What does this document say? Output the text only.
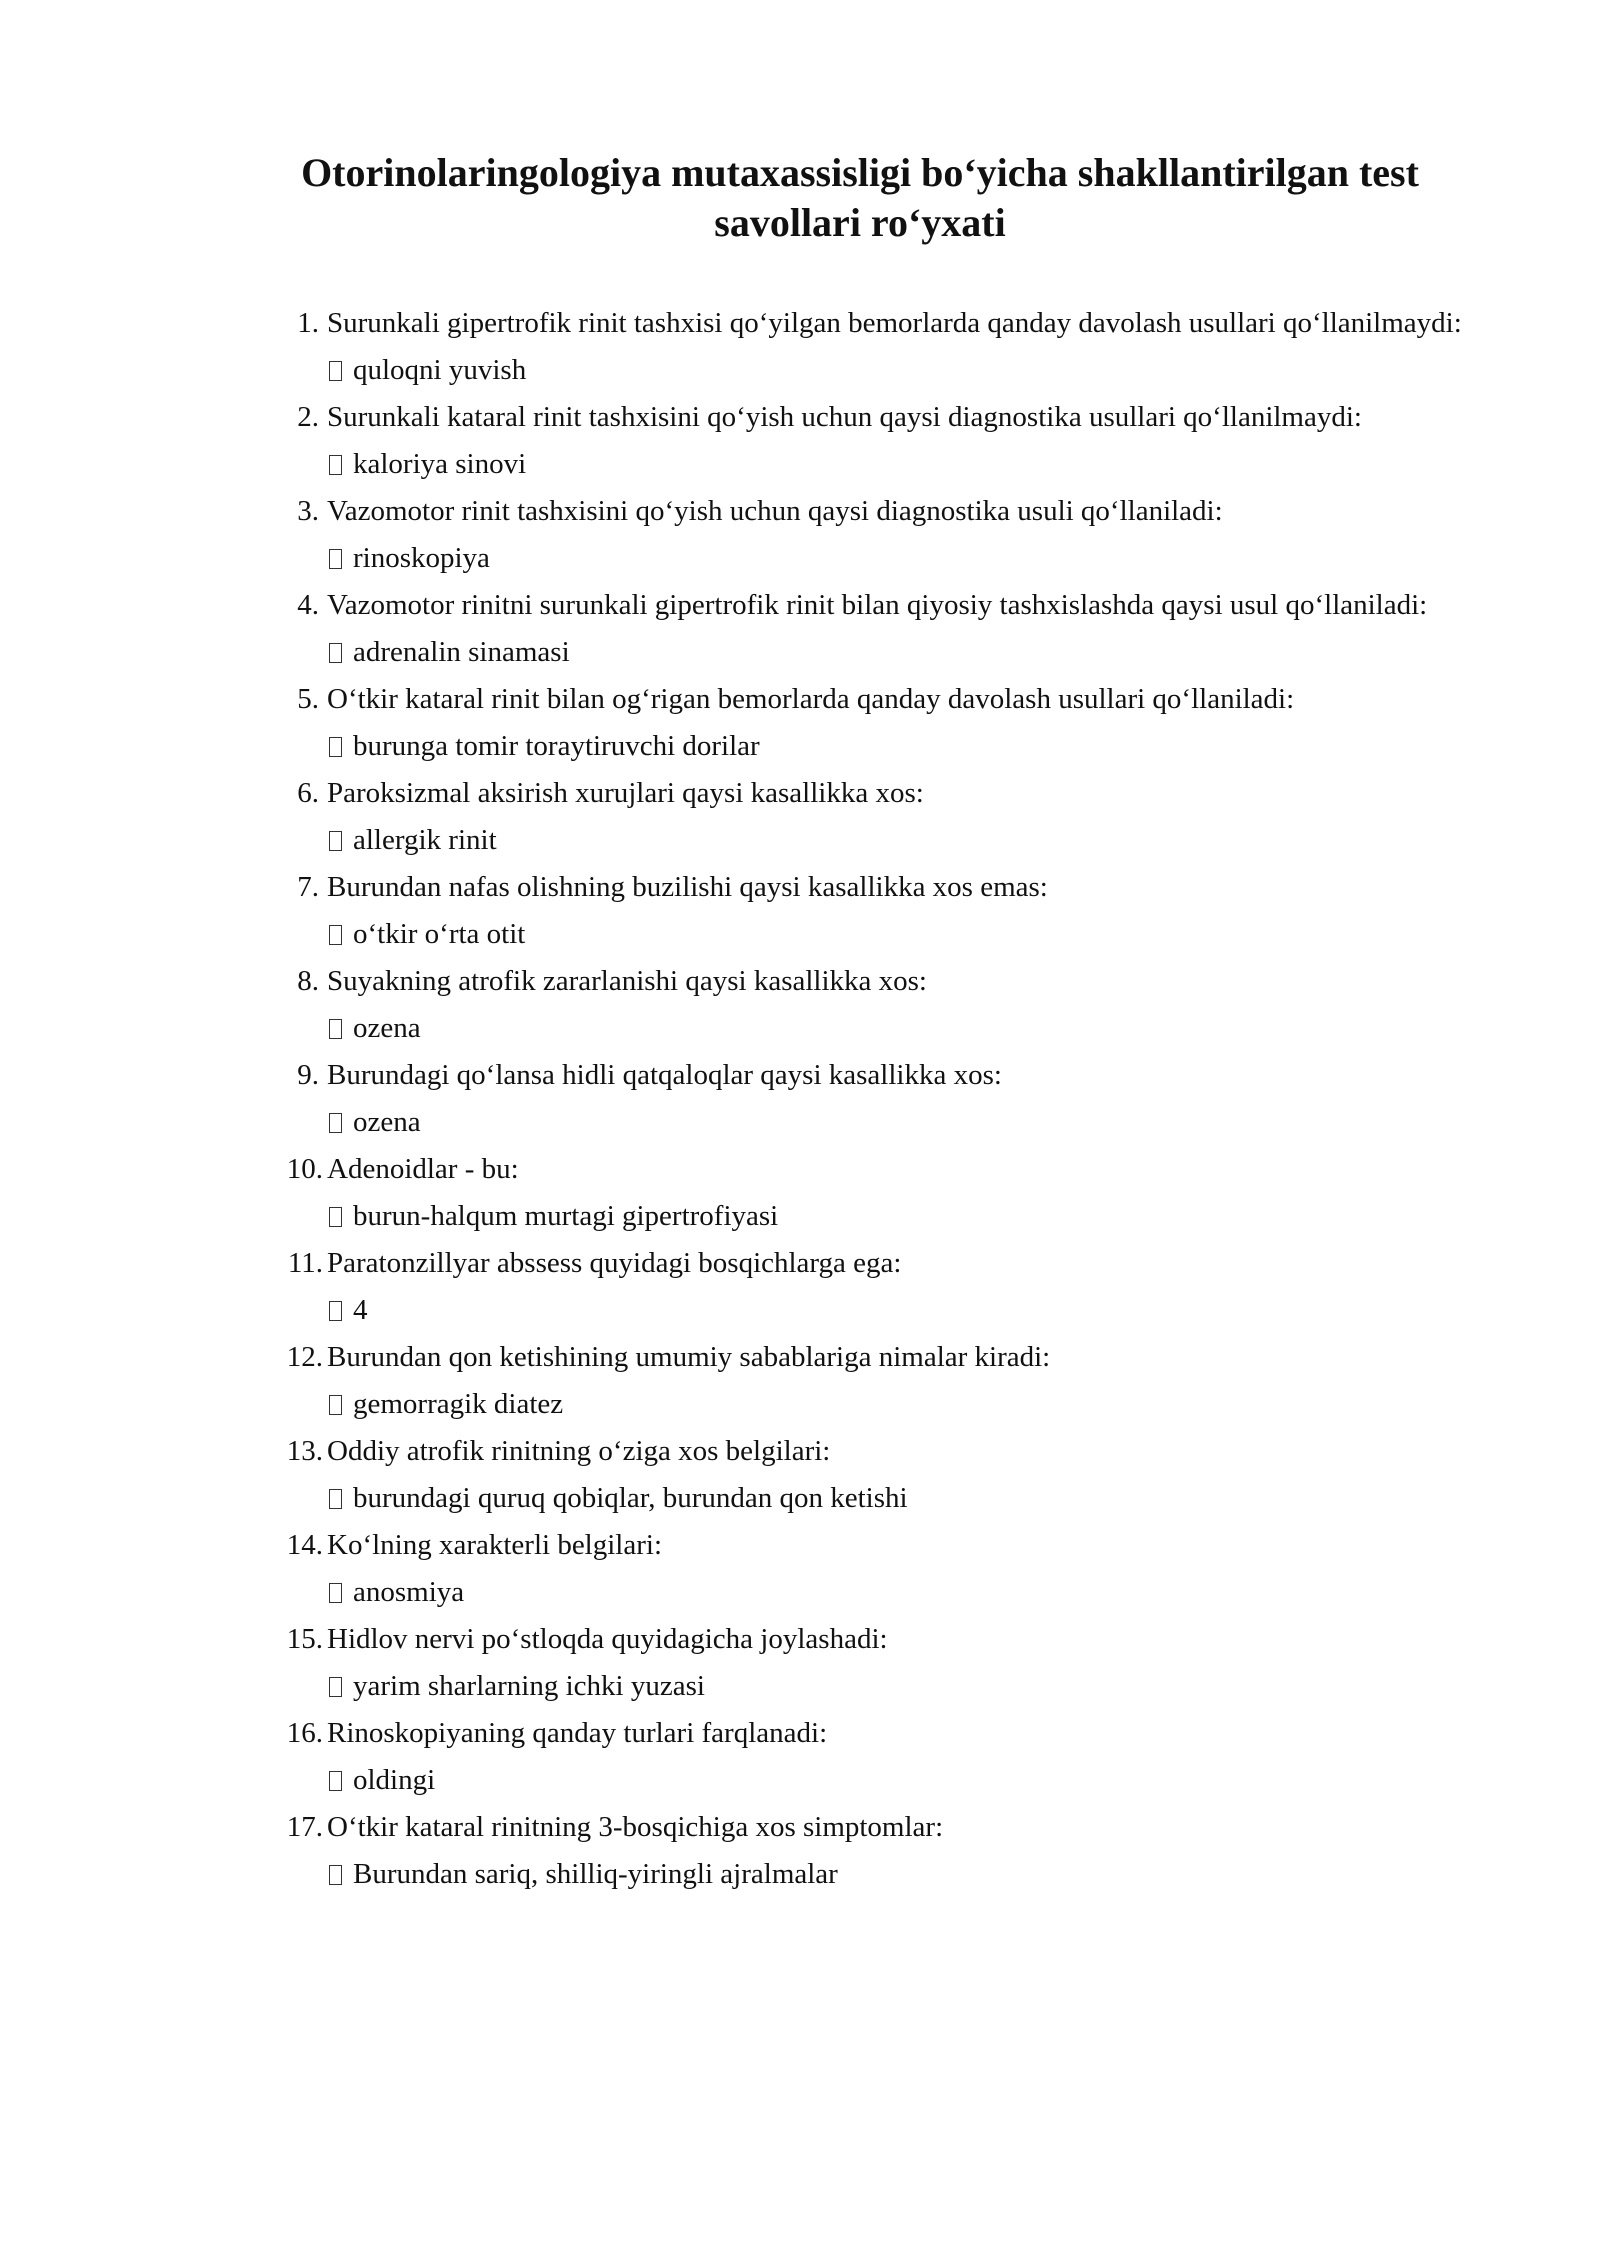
Otorinolaringologiya mutaxassisligi bo‘yicha shakllantirilgan test savollari ro‘yxati
1. Surunkali gipertrofik rinit tashxisi qo‘yilgan bemorlarda qanday davolash usullari qo‘llanilmaydi:
quloqni yuvish
2. Surunkali kataral rinit tashxisini qo‘yish uchun qaysi diagnostika usullari qo‘llanilmaydi:
kaloriya sinovi
3. Vazomotor rinit tashxisini qo‘yish uchun qaysi diagnostika usuli qo‘llaniladi:
rinoskopiya
4. Vazomotor rinitni surunkali gipertrofik rinit bilan qiyosiy tashxislashda qaysi usul qo‘llaniladi:
adrenalin sinamasi
5. O‘tkir kataral rinit bilan og‘rigan bemorlarda qanday davolash usullari qo‘llaniladi:
burunga tomir toraytiruvchi dorilar
6. Paroksizmal aksirish xurujlari qaysi kasallikka xos:
allergik rinit
7. Burundan nafas olishning buzilishi qaysi kasallikka xos emas:
o‘tkir o‘rta otit
8. Suyakning atrofik zararlanishi qaysi kasallikka xos:
ozena
9. Burundagi qo‘lansa hidli qatqaloqlar qaysi kasallikka xos:
ozena
10. Adenoidlar - bu:
burun-halqum murtagi gipertrofiyasi
11. Paratonzillyar abssess quyidagi bosqichlarga ega:
4
12. Burundan qon ketishining umumiy sabablariga nimalar kiradi:
gemorragik diatez
13. Oddiy atrofik rinitning o‘ziga xos belgilari:
burundagi quruq qobiqlar, burundan qon ketishi
14. Ko‘lning xarakterli belgilari:
anosmiya
15. Hidlov nervi po‘stloqda quyidagicha joylashadi:
yarim sharlarning ichki yuzasi
16. Rinoskopiyaning qanday turlari farqlanadi:
oldingi
17. O‘tkir kataral rinitning 3-bosqichiga xos simptomlar:
Burundan sariq, shilliq-yiringli ajralmalar
